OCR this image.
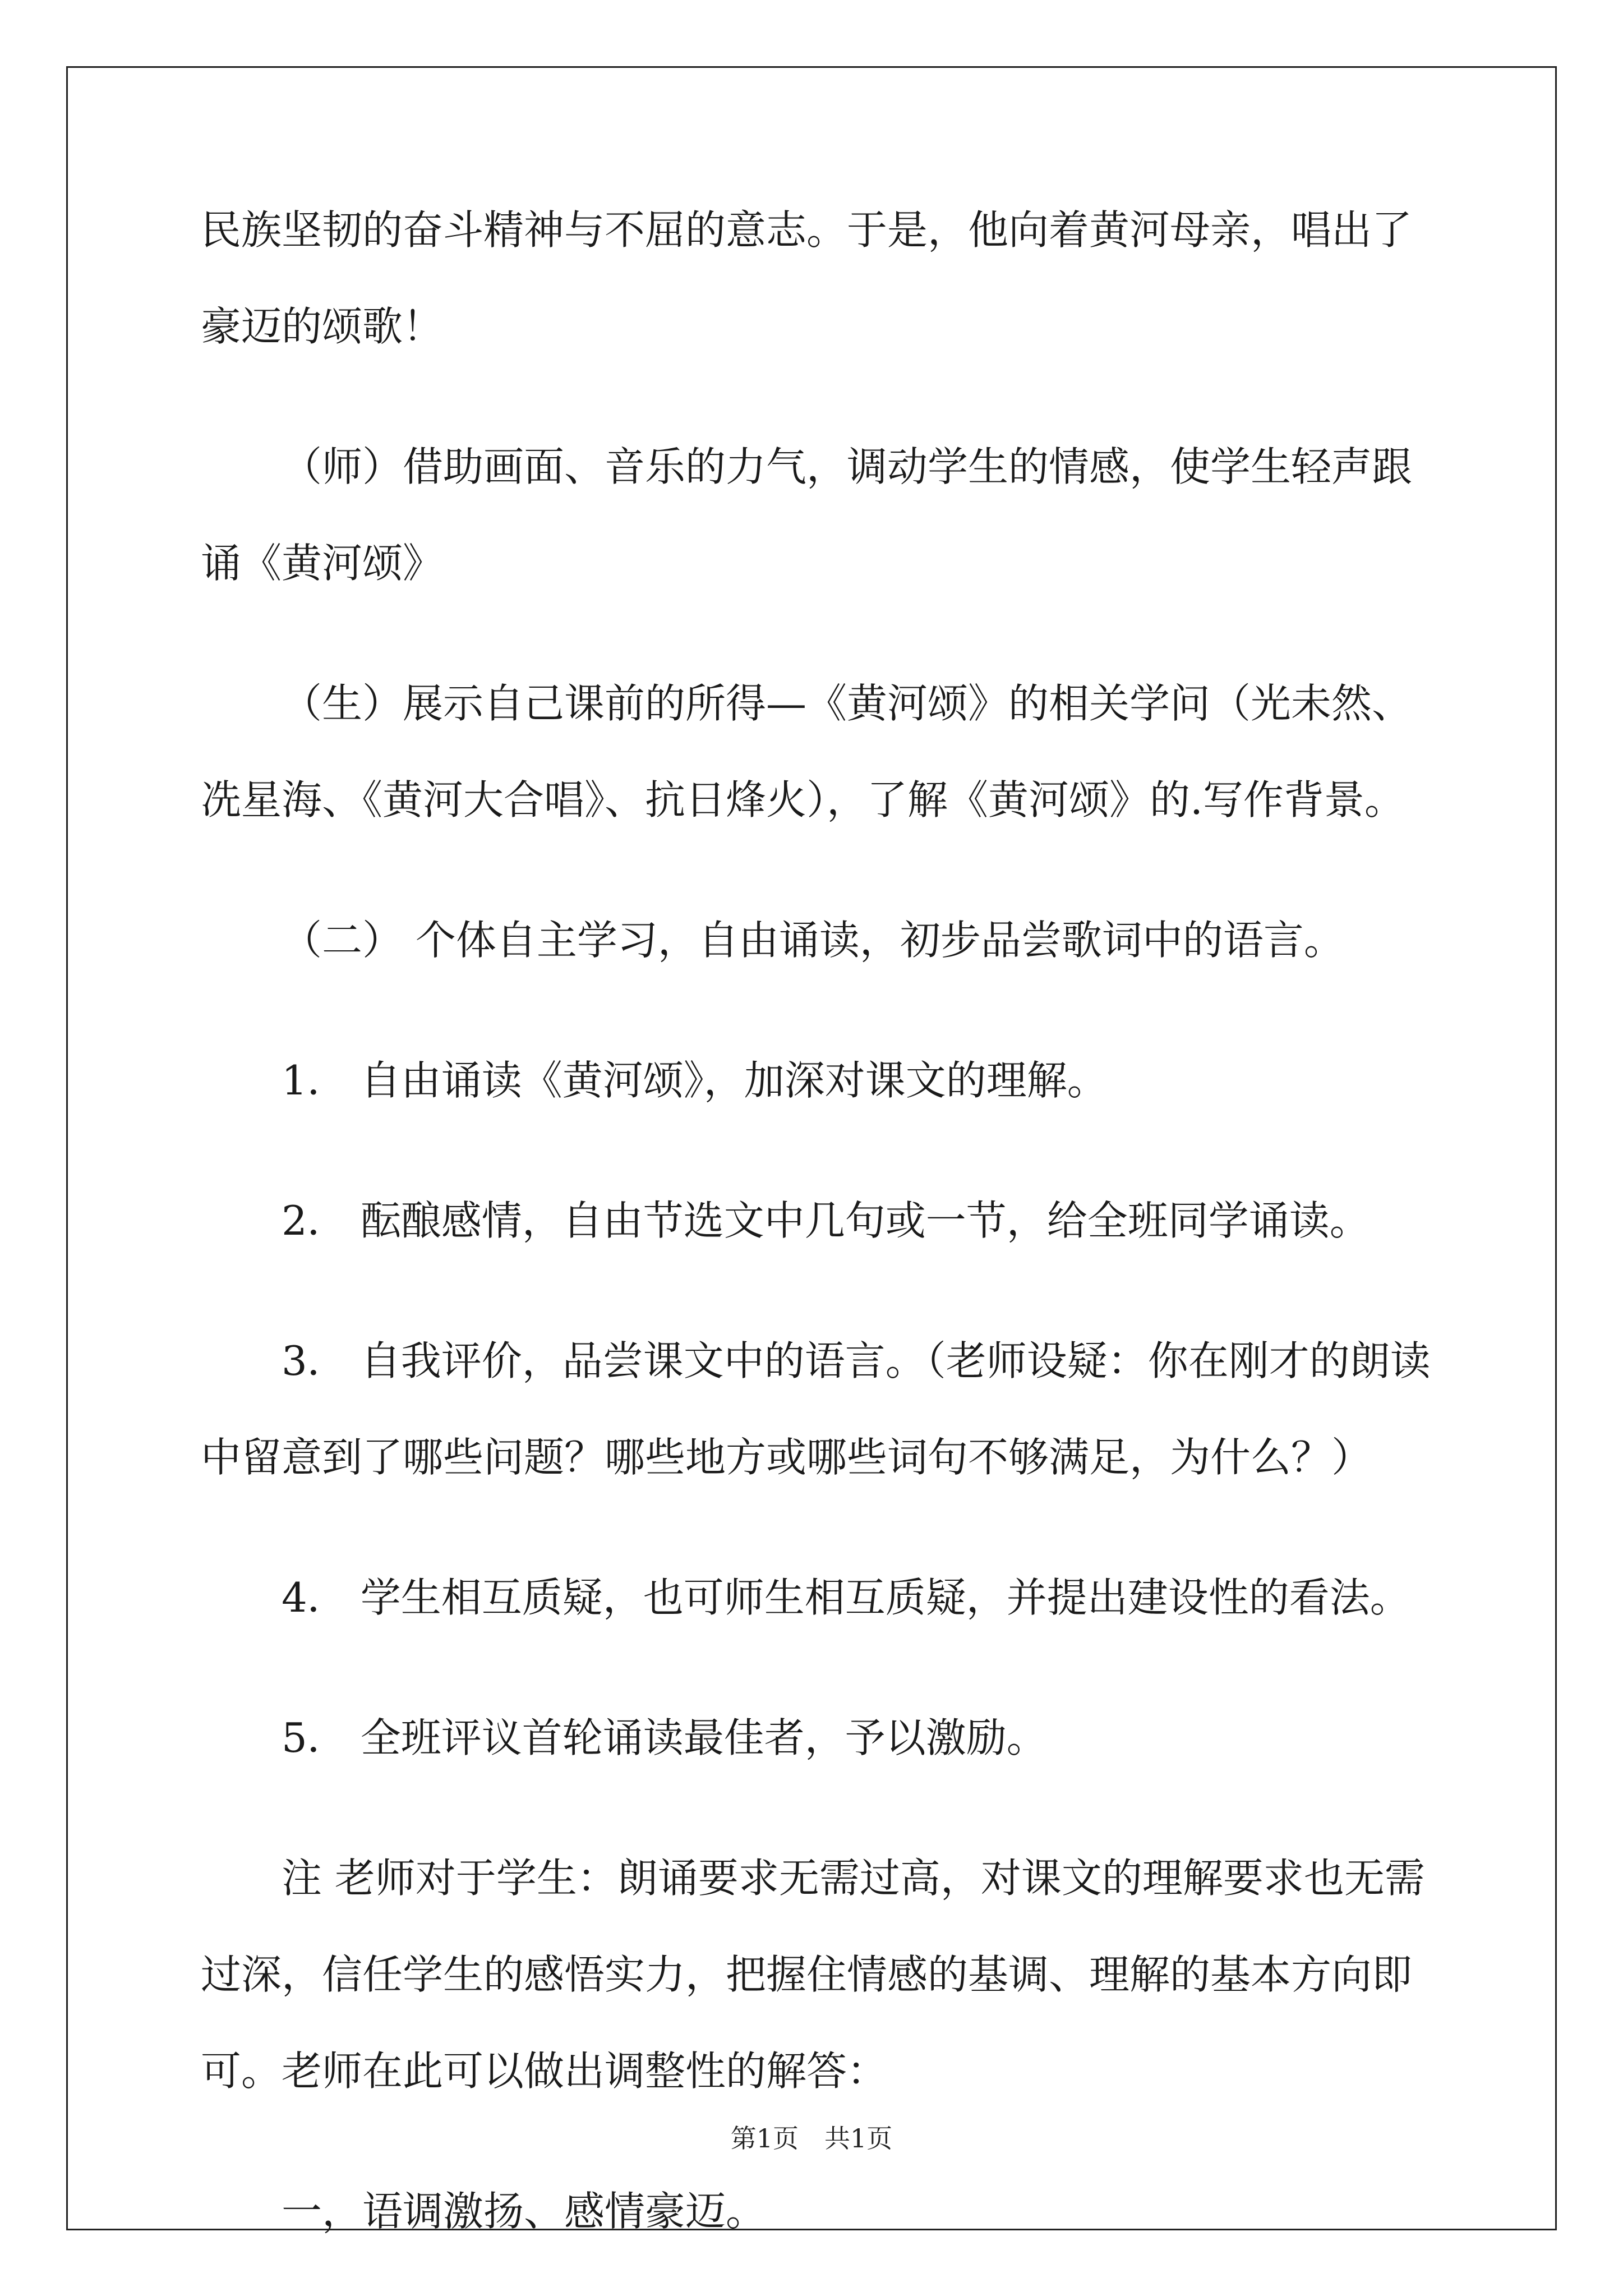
民族坚韧的奋斗精神与不屈的意志。于是，他向着黄河母亲，唱出了
豪迈的颂歌！
（师）借助画面、音乐的力气，调动学生的情感，使学生轻声跟
诵《黄河颂》
（生）展示自己课前的所得—《黄河颂》的相关学问（光未然、
冼星海、《黄河大合唱》、抗日烽火），了解《黄河颂》的.写作背景。
（二） 个体自主学习，自由诵读，初步品尝歌词中的语言。
1． 自由诵读《黄河颂》，加深对课文的理解。
2． 酝酿感情，自由节选文中几句或一节，给全班同学诵读。
3． 自我评价，品尝课文中的语言。（老师设疑：你在刚才的朗读
中留意到了哪些问题？哪些地方或哪些词句不够满足，为什么？）
4． 学生相互质疑，也可师生相互质疑，并提出建设性的看法。
5． 全班评议首轮诵读最佳者，予以激励。
注 老师对于学生：朗诵要求无需过高，对课文的理解要求也无需
过深，信任学生的感悟实力，把握住情感的基调、理解的基本方向即
可。老师在此可以做出调整性的解答：
一，语调激扬、感情豪迈。
第1页　共1页
